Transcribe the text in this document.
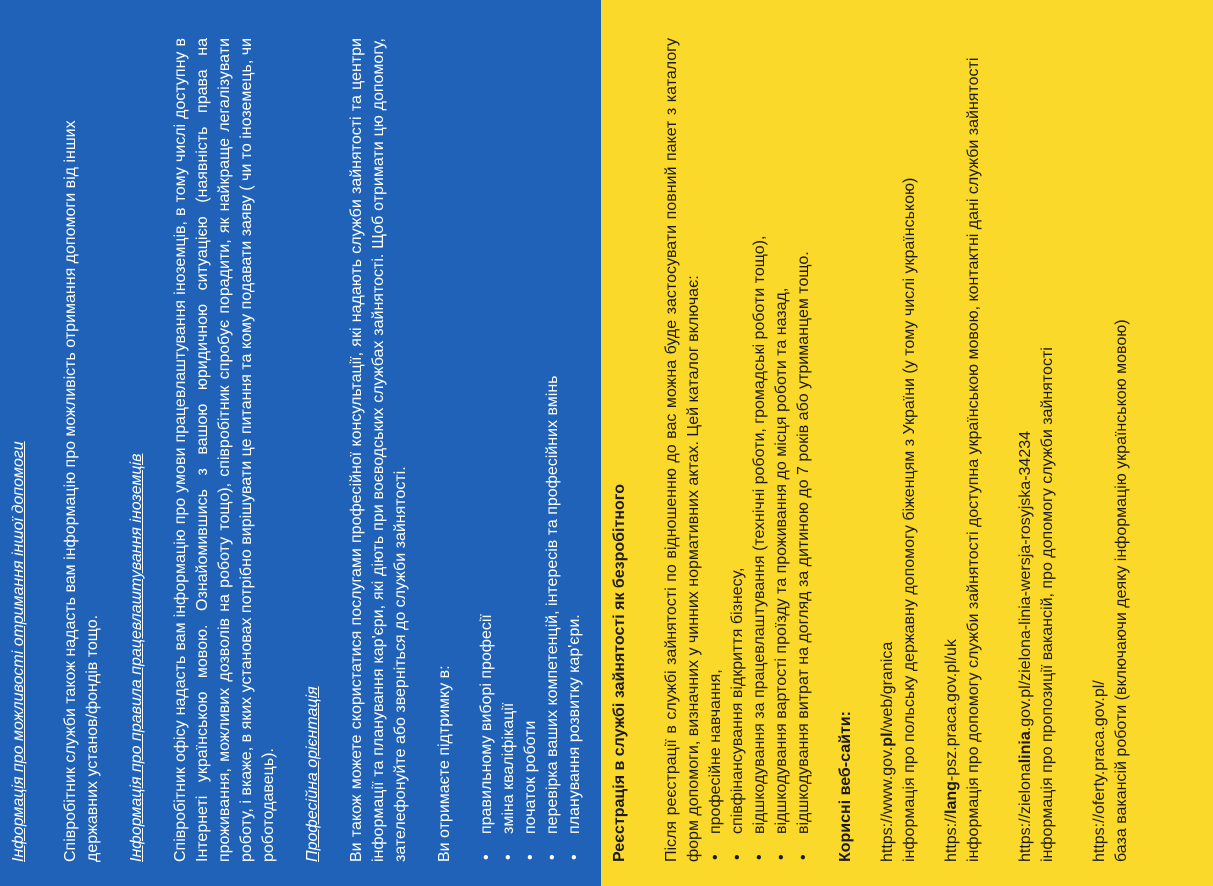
Інформація про можливості отримання іншої допомоги Співробітник служби також надасть вам інформацію про можливість отримання допомоги від інших державних установ/фондів тощо. Інформація про правила працевлаштування іноземців Співробітник офісу надасть вам інформацію про умови працевлаштування іноземців, в тому числі доступну в Інтернеті українською мовою. Ознайомившись з вашою юридичною ситуацією (наявність права на проживання, можливих дозволів на роботу тощо), співробітник спробує порадити, як найкраще легалізувати роботу, і вкаже, в яких установах потрібно вирішувати це питання та кому подавати заяву ( чи то іноземець, чи роботодавець). Професійна орієнтація Ви також можете скористатися послугами професійної консультації, які надають служби зайнятості та центри інформації та планування кар'єри, які діють при воєводських службах зайнятості. Щоб отримати цю допомогу, зателефонуйте або зверніться до служби зайнятості. Ви отримаєте підтримку в: • правильному виборі професії • зміна кваліфікації • початок роботи • перевірка ваших компетенцій, інтересів та професійних вмінь • планування розвитку кар'єри. Реєстрація в службі зайнятості як безробітного Після реєстрації в службі зайнятості по відношенню до вас можна буде застосувати повний пакет з каталогу форм допомоги, визначних у чинних нормативних актах. Цей каталог включає: • професійне навчання, • співфінансування відкриття бізнесу, • відшкодування за працевлаштування (технічні роботи, громадські роботи тощо), • відшкодування вартості проїзду та проживання до місця роботи та назад, • відшкодування витрат на догляд за дитиною до 7 років або утриманцем тощо. Корисні веб-сайти: https://www.gov.pl/web/granica інформація про польську державну допомогу біженцям з України (у тому числі українською) https://lang-psz.praca.gov.pl/uk інформація про допомогу служби зайнятості доступна українською мовою, контактні дані служби зайнятості https://zielonalinia.gov.pl/zielona-linia-wersja-rosyjska-34234 інформація про пропозиції вакансій, про допомогу служби зайнятості https://oferty.praca.gov.pl/ база вакансій роботи (включаючи деяку інформацію українською мовою)
